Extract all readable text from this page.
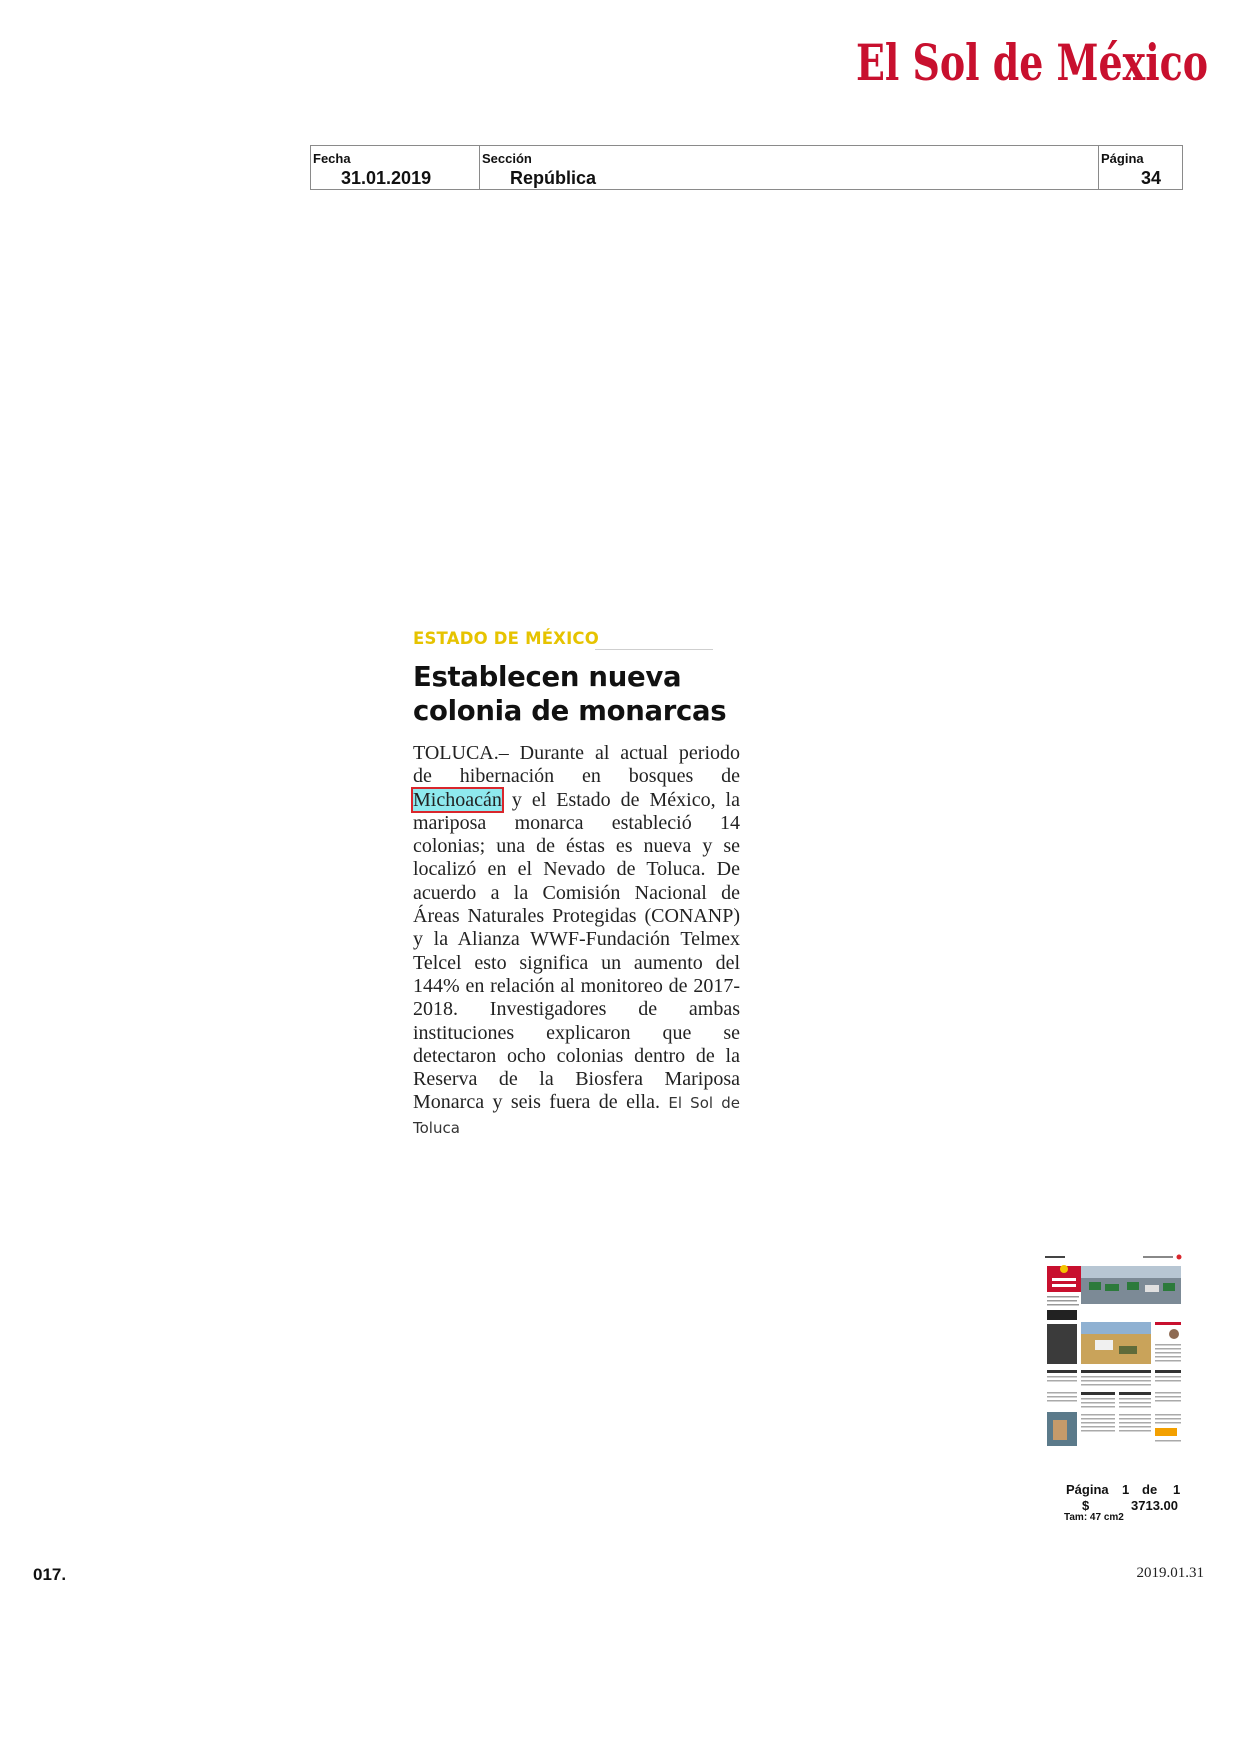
El Sol de México
Fecha
31.01.2019
Sección
República
Página
34
ESTADO DE MÉXICO
Establecen nueva
colonia de monarcas
TOLUCA.– Durante al actual periodo de hibernación en bosques de Michoacán y el Estado de México, la mariposa monarca estableció 14 colonias; una de éstas es nueva y se localizó en el Nevado de Toluca. De acuerdo a la Comisión Nacional de Áreas Naturales Protegidas (CONANP) y la Alianza WWF-Fundación Telmex Telcel esto significa un aumento del 144% en relación al monitoreo de 2017-2018. Investigadores de ambas instituciones explicaron que se detectaron ocho colonias dentro de la Reserva de la Biosfera Mariposa Monarca y seis fuera de ella. El Sol de Toluca
Página 1 de 1
$	3713.00
Tam: 47 cm2
017.	2019.01.31
